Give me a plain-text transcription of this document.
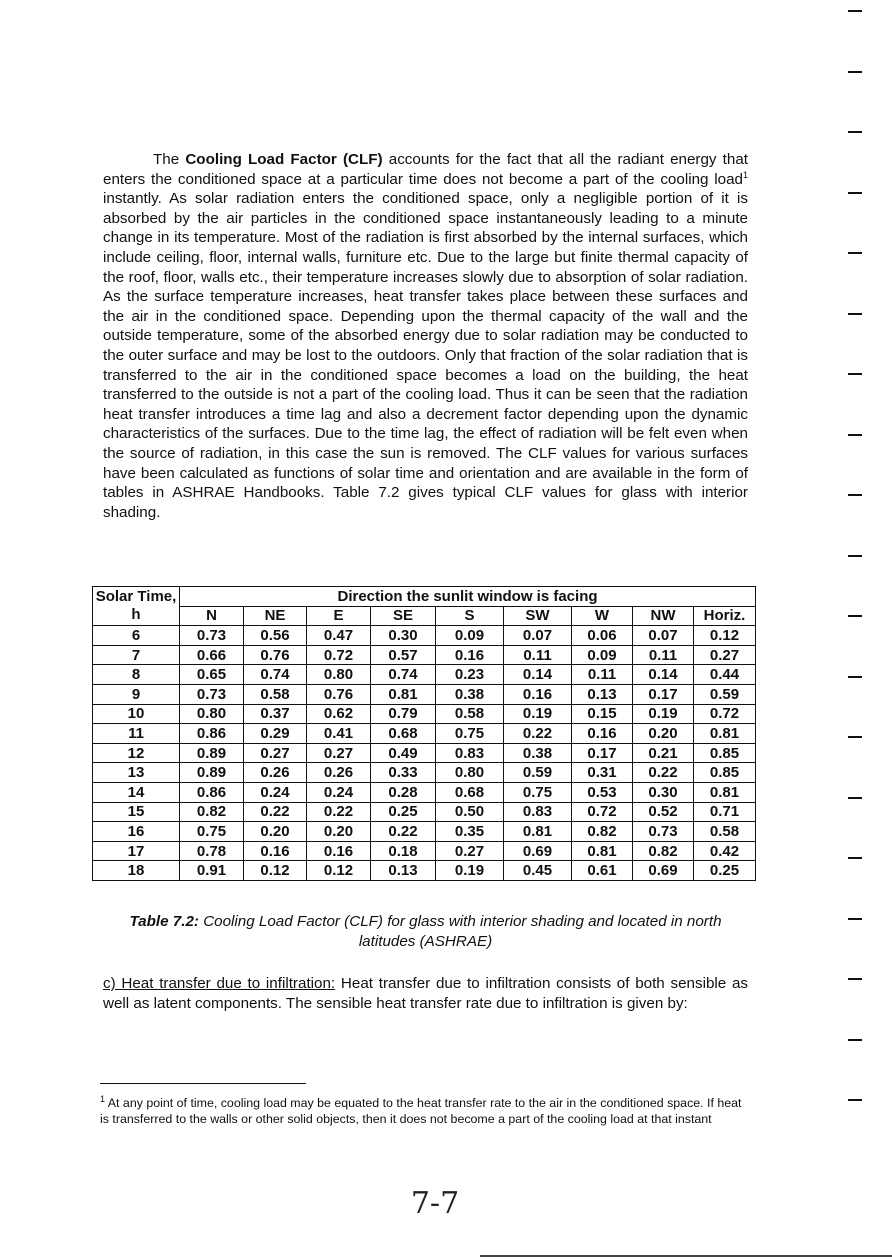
The Cooling Load Factor (CLF) accounts for the fact that all the radiant energy that enters the conditioned space at a particular time does not become a part of the cooling load$^1$ instantly. As solar radiation enters the conditioned space, only a negligible portion of it is absorbed by the air particles in the conditioned space instantaneously leading to a minute change in its temperature. Most of the radiation is first absorbed by the internal surfaces, which include ceiling, floor, internal walls, furniture etc. Due to the large but finite thermal capacity of the roof, floor, walls etc., their temperature increases slowly due to absorption of solar radiation. As the surface temperature increases, heat transfer takes place between these surfaces and the air in the conditioned space. Depending upon the thermal capacity of the wall and the outside temperature, some of the absorbed energy due to solar radiation may be conducted to the outer surface and may be lost to the outdoors. Only that fraction of the solar radiation that is transferred to the air in the conditioned space becomes a load on the building, the heat transferred to the outside is not a part of the cooling load. Thus it can be seen that the radiation heat transfer introduces a time lag and also a decrement factor depending upon the dynamic characteristics of the surfaces. Due to the time lag, the effect of radiation will be felt even when the source of radiation, in this case the sun is removed. The CLF values for various surfaces have been calculated as functions of solar time and orientation and are available in the form of tables in ASHRAE Handbooks. Table 7.2 gives typical CLF values for glass with interior shading.

Solar Time, h	Direction the sunlit window is facing								
	N	NE	E	SE	S	SW	W	NW	Horiz.
6	0.73	0.56	0.47	0.30	0.09	0.07	0.06	0.07	0.12
7	0.66	0.76	0.72	0.57	0.16	0.11	0.09	0.11	0.27
8	0.65	0.74	0.80	0.74	0.23	0.14	0.11	0.14	0.44
9	0.73	0.58	0.76	0.81	0.38	0.16	0.13	0.17	0.59
10	0.80	0.37	0.62	0.79	0.58	0.19	0.15	0.19	0.72
11	0.86	0.29	0.41	0.68	0.75	0.22	0.16	0.20	0.81
12	0.89	0.27	0.27	0.49	0.83	0.38	0.17	0.21	0.85
13	0.89	0.26	0.26	0.33	0.80	0.59	0.31	0.22	0.85
14	0.86	0.24	0.24	0.28	0.68	0.75	0.53	0.30	0.81
15	0.82	0.22	0.22	0.25	0.50	0.83	0.72	0.52	0.71
16	0.75	0.20	0.20	0.22	0.35	0.81	0.82	0.73	0.58
17	0.78	0.16	0.16	0.18	0.27	0.69	0.81	0.82	0.42
18	0.91	0.12	0.12	0.13	0.19	0.45	0.61	0.69	0.25
Table 7.2: Cooling Load Factor (CLF) for glass with interior shading and located in north latitudes (ASHRAE)

c) Heat transfer due to infiltration: Heat transfer due to infiltration consists of both sensible as well as latent components. The sensible heat transfer rate due to infiltration is given by:

$^1$ At any point of time, cooling load may be equated to the heat transfer rate to the air in the conditioned space. If heat is transferred to the walls or other solid objects, then it does not become a part of the cooling load at that instant

7-7
